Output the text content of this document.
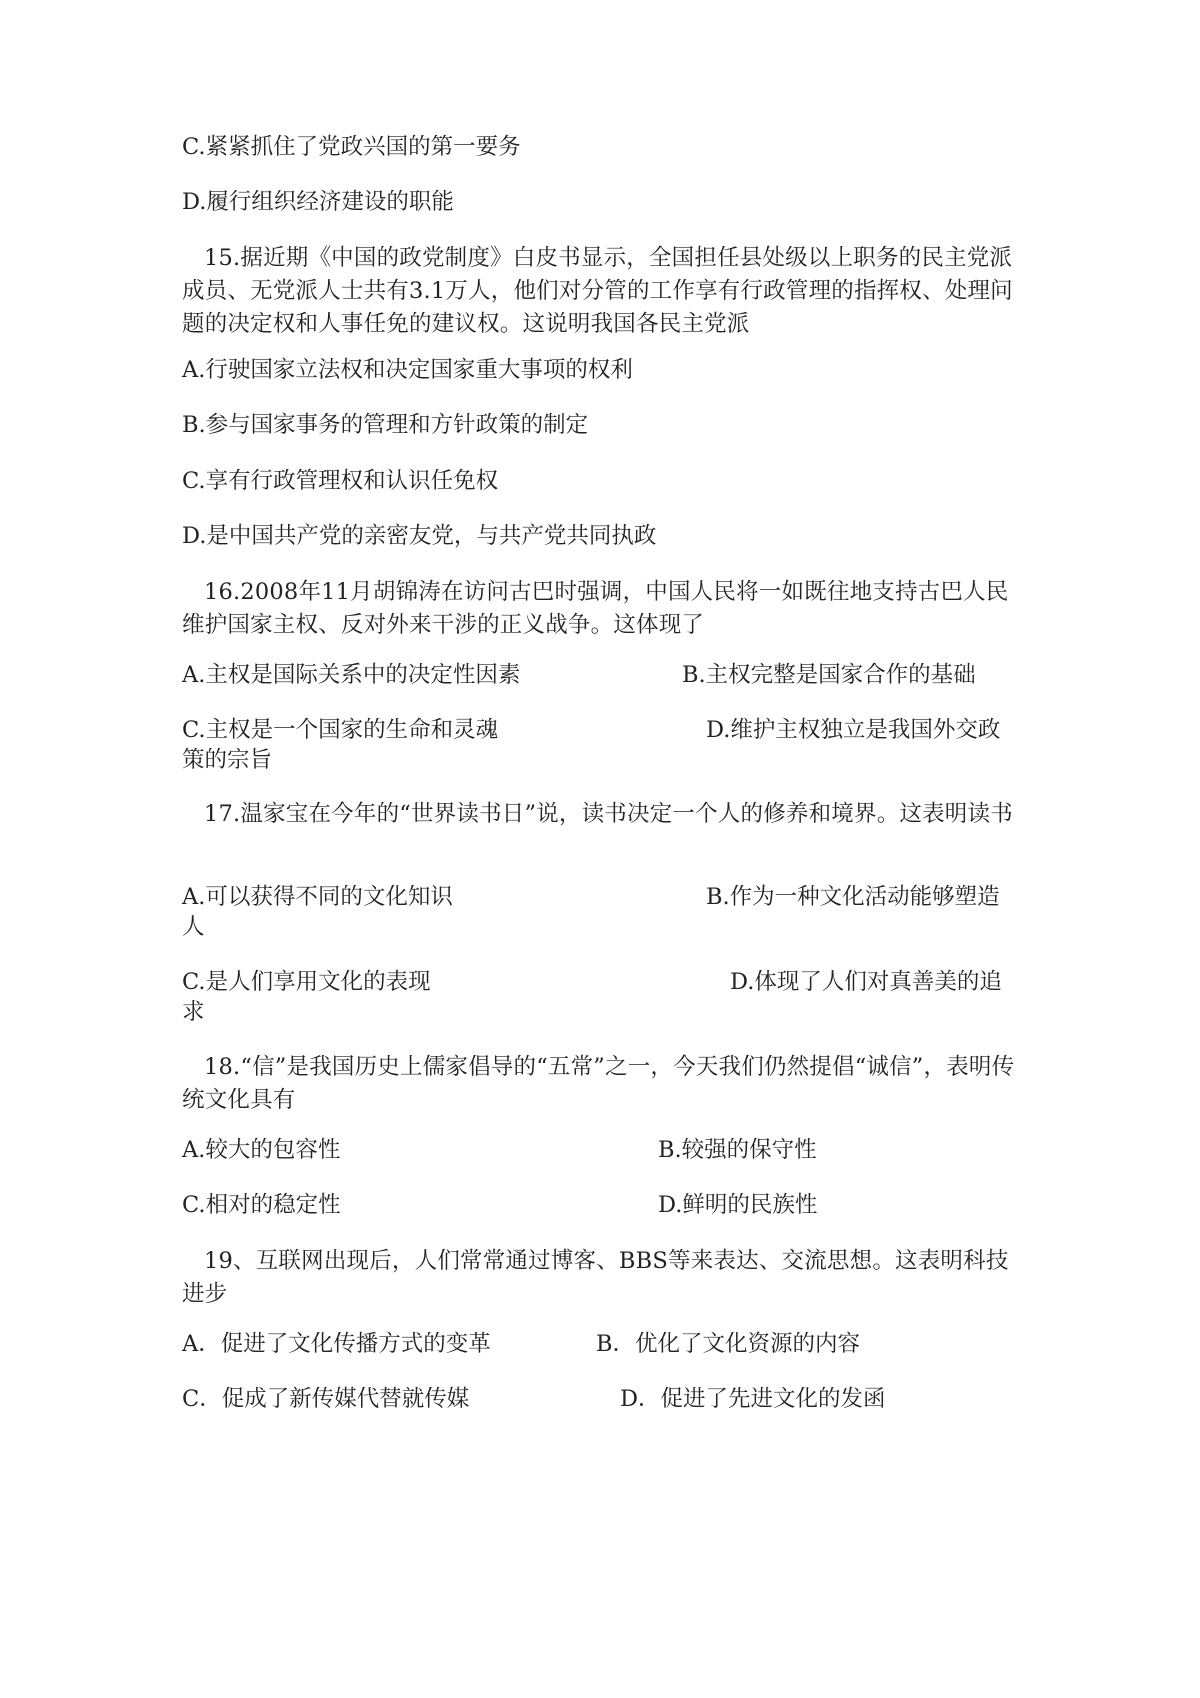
C.紧紧抓住了党政兴国的第一要务
D.履行组织经济建设的职能
15.据近期《中国的政党制度》白皮书显示，全国担任县处级以上职务的民主党派成员、无党派人士共有3.1万人，他们对分管的工作享有行政管理的指挥权、处理问题的决定权和人事任免的建议权。这说明我国各民主党派
A.行驶国家立法权和决定国家重大事项的权利
B.参与国家事务的管理和方针政策的制定
C.享有行政管理权和认识任免权
D.是中国共产党的亲密友党，与共产党共同执政
16.2008年11月胡锦涛在访问古巴时强调，中国人民将一如既往地支持古巴人民维护国家主权、反对外来干涉的正义战争。这体现了
A.主权是国际关系中的决定性因素	B.主权完整是国家合作的基础
C.主权是一个国家的生命和灵魂	D.维护主权独立是我国外交政
策的宗旨
17.温家宝在今年的“世界读书日”说，读书决定一个人的修养和境界。这表明读书
A.可以获得不同的文化知识	B.作为一种文化活动能够塑造
人
C.是人们享用文化的表现	D.体现了人们对真善美的追
求
18.“信”是我国历史上儒家倡导的“五常”之一，今天我们仍然提倡“诚信”，表明传统文化具有
A.较大的包容性	B.较强的保守性
C.相对的稳定性	D.鲜明的民族性
19、互联网出现后，人们常常通过博客、BBS等来表达、交流思想。这表明科技进步
A．促进了文化传播方式的变革	B．优化了文化资源的内容
C．促成了新传媒代替就传媒	D．促进了先进文化的发函
